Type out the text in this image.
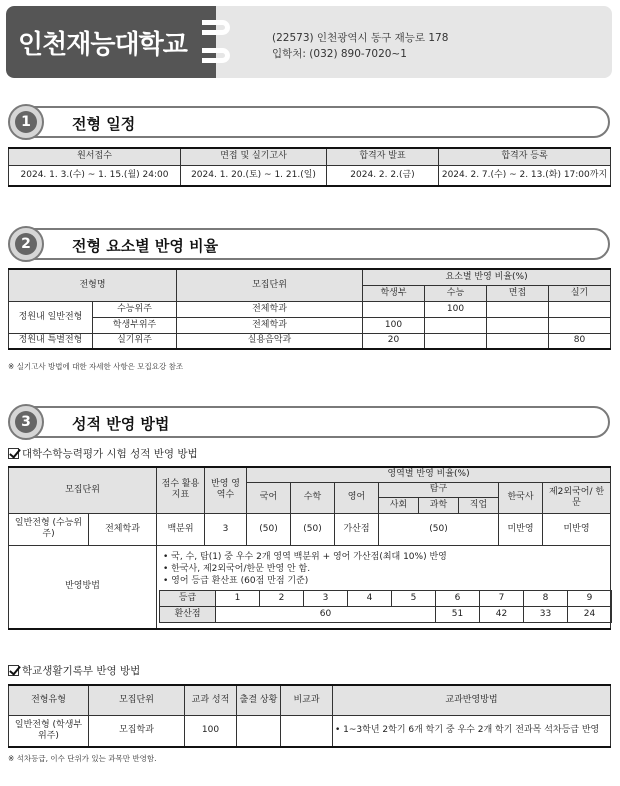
인천재능대학교	(22573) 인천광역시 동구 재능로 178
입학처: (032) 890-7020~1
1	전형 일정
원서접수	면접 및 실기고사	합격자 발표	합격자 등록
2024. 1. 3.(수) ~ 1. 15.(월) 24:00	2024. 1. 20.(토) ~ 1. 21.(일)	2024. 2. 2.(금)	2024. 2. 7.(수) ~ 2. 13.(화) 17:00까지
2	전형 요소별 반영 비율
전형명		모집단위	요소별 반영 비율(%)			
			학생부	수능	면접	실기
정원내 일반전형	수능위주	전체학과		100		
	학생부위주	전체학과	100			
정원내 특별전형	실기위주	실용음악과	20			80
※ 실기고사 방법에 대한 자세한 사항은 모집요강 참조
3	성적 반영 방법
대학수학능력평가 시험 성적 반영 방법
모집단위	점수 활용 지표	반영 영역수	영역별 반영 비율(%)
국어	수학	영어	탐구	한국사	제2외국어/ 한문
사회	과학	직업
일반전형 (수능위주)	전체학과	백분위	3	(50)	(50)	가산점	(50)	미반영	미반영
반영방법	
• 국, 수, 탐(1) 중 우수 2개 영역 백분위 + 영어 가산점(최대 10%) 반영
• 한국사, 제2외국어/한문 반영 안 함.
• 영어 등급 환산표 (60점 만점 기준)
등급	1	2	3	4	5	6	7	8	9
환산점	60	51	42	33	24
학교생활기록부 반영 방법
전형유형	모집단위	교과 성적	출결 상황	비교과	교과반영방법
일반전형 (학생부 위주)	모집학과	100			• 1~3학년 2학기 6개 학기 중 우수 2개 학기 전과목 석차등급 반영
※ 석차등급, 이수 단위가 있는 과목만 반영함.
